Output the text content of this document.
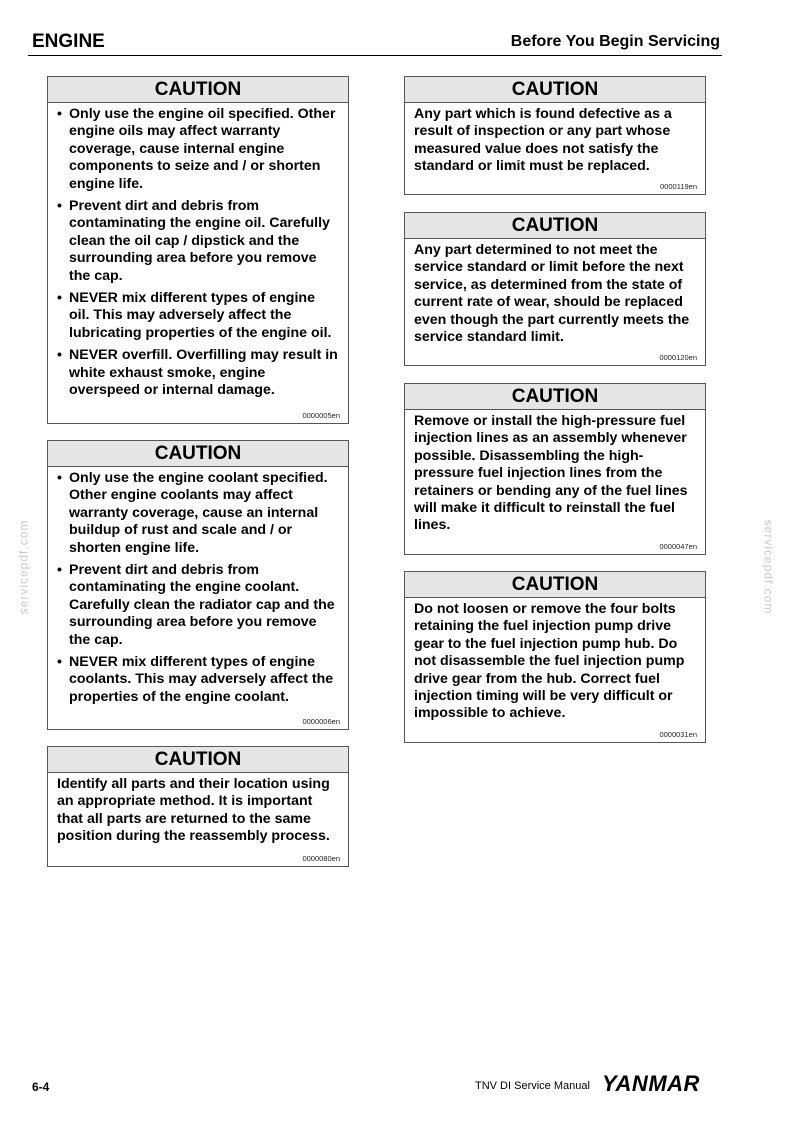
ENGINE	Before You Begin Servicing
CAUTION
• Only use the engine oil specified. Other engine oils may affect warranty coverage, cause internal engine components to seize and / or shorten engine life.
• Prevent dirt and debris from contaminating the engine oil. Carefully clean the oil cap / dipstick and the surrounding area before you remove the cap.
• NEVER mix different types of engine oil. This may adversely affect the lubricating properties of the engine oil.
• NEVER overfill. Overfilling may result in white exhaust smoke, engine overspeed or internal damage.
0000005en
CAUTION
• Only use the engine coolant specified. Other engine coolants may affect warranty coverage, cause an internal buildup of rust and scale and / or shorten engine life.
• Prevent dirt and debris from contaminating the engine coolant. Carefully clean the radiator cap and the surrounding area before you remove the cap.
• NEVER mix different types of engine coolants. This may adversely affect the properties of the engine coolant.
0000006en
CAUTION
Identify all parts and their location using an appropriate method. It is important that all parts are returned to the same position during the reassembly process.
0000080en
CAUTION
Any part which is found defective as a result of inspection or any part whose measured value does not satisfy the standard or limit must be replaced.
0000119en
CAUTION
Any part determined to not meet the service standard or limit before the next service, as determined from the state of current rate of wear, should be replaced even though the part currently meets the service standard limit.
0000120en
CAUTION
Remove or install the high-pressure fuel injection lines as an assembly whenever possible. Disassembling the high-pressure fuel injection lines from the retainers or bending any of the fuel lines will make it difficult to reinstall the fuel lines.
0000047en
CAUTION
Do not loosen or remove the four bolts retaining the fuel injection pump drive gear to the fuel injection pump hub. Do not disassemble the fuel injection pump drive gear from the hub. Correct fuel injection timing will be very difficult or impossible to achieve.
0000031en
servicepdf.com	servicepdf.com
6-4	TNV DI Service Manual YANMAR
